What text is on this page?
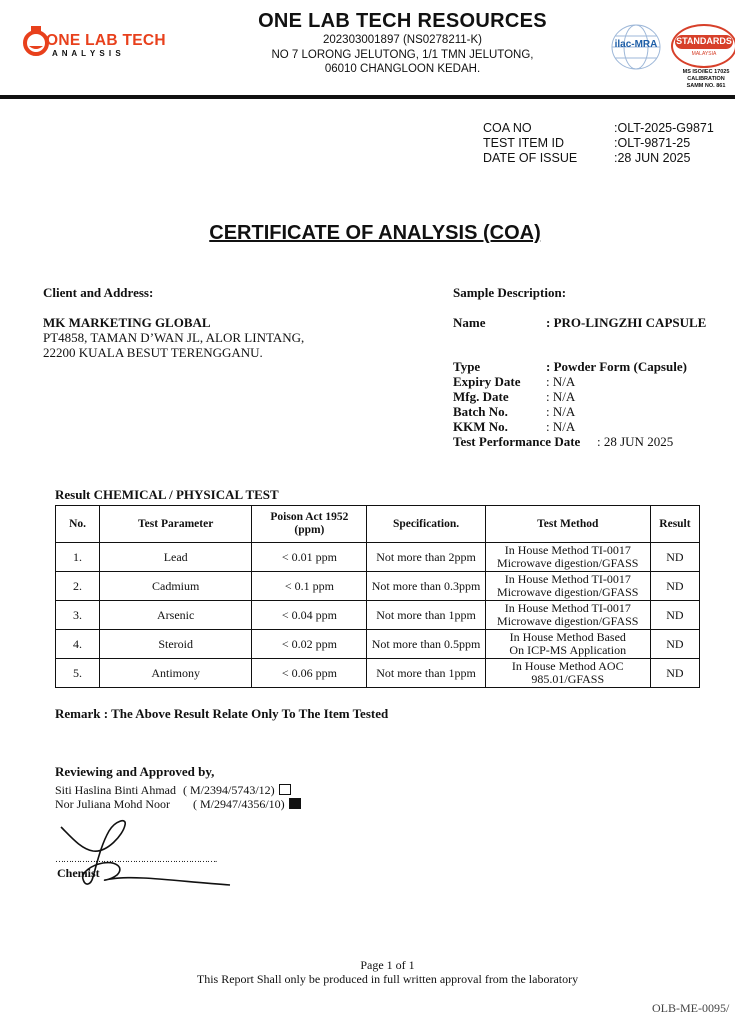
ONE LAB TECH
A N A L Y S I S
ONE LAB TECH RESOURCES
202303001897 (NS0278211-K)
NO 7 LORONG JELUTONG, 1/1 TMN JELUTONG,
06010 CHANGLOON KEDAH.
ilac-MRA	STANDARDS
MALAYSIA
MS ISO/IEC 17025
CALIBRATION
SAMM NO. 861
COA NO	:OLT-2025-G9871
TEST ITEM ID	:OLT-9871-25
DATE OF ISSUE	:28 JUN 2025
CERTIFICATE OF ANALYSIS (COA)
Client and Address:
MK MARKETING GLOBAL
PT4858, TAMAN D’WAN JL, ALOR LINTANG,
22200 KUALA BESUT TERENGGANU.
Sample Description:
Name	: PRO-LINGZHI CAPSULE
Type	: Powder Form (Capsule)
Expiry Date : N/A
Mfg. Date	: N/A
Batch No.	: N/A
KKM No.	: N/A
Test Performance Date : 28 JUN 2025
Result CHEMICAL / PHYSICAL TEST
No.	Test Parameter	Poison Act 1952
(ppm)	Specification.	Test Method	Result
1.	Lead	< 0.01 ppm	Not more than 2ppm	In House Method TI-0017
Microwave digestion/GFASS	ND
2.	Cadmium	< 0.1 ppm	Not more than 0.3ppm	In House Method TI-0017
Microwave digestion/GFASS	ND
3.	Arsenic	< 0.04 ppm	Not more than 1ppm	In House Method TI-0017
Microwave digestion/GFASS	ND
4.	Steroid	< 0.02 ppm	Not more than 0.5ppm	In House Method Based
On ICP-MS Application	ND
5.	Antimony	< 0.06 ppm	Not more than 1ppm	In House Method AOC
985.01/GFASS	ND
Remark : The Above Result Relate Only To The Item Tested
Reviewing and Approved by,
Siti Haslina Binti Ahmad ( M/2394/5743/12)
Nor Juliana Mohd Noor ( M/2947/4356/10)
…………………………………………………….
Chemist
Page 1 of 1
This Report Shall only be produced in full written approval from the laboratory
OLB-ME-0095/
